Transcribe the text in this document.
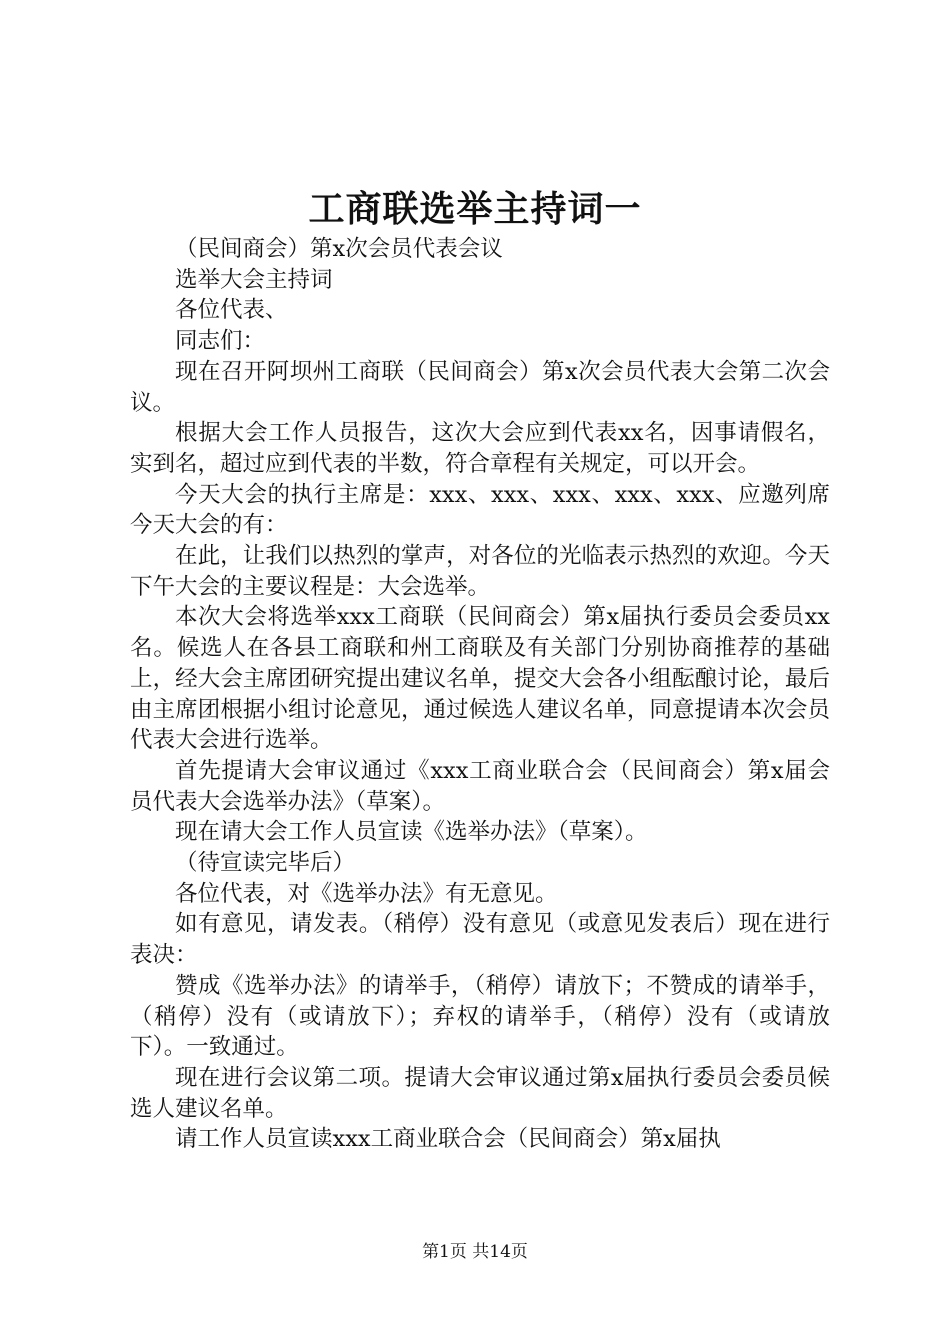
工商联选举主持词一

（民间商会）第x次会员代表会议

选举大会主持词

各位代表、

同志们：

现在召开阿坝州工商联（民间商会）第x次会员代表大会第二次会议。

根据大会工作人员报告，这次大会应到代表xx名，因事请假名，实到名，超过应到代表的半数，符合章程有关规定，可以开会。

今天大会的执行主席是：xxx、xxx、xxx、xxx、xxx、应邀列席今天大会的有：

在此，让我们以热烈的掌声，对各位的光临表示热烈的欢迎。今天下午大会的主要议程是：大会选举。

本次大会将选举xxx工商联（民间商会）第x届执行委员会委员xx名。候选人在各县工商联和州工商联及有关部门分别协商推荐的基础上，经大会主席团研究提出建议名单，提交大会各小组酝酿讨论，最后由主席团根据小组讨论意见，通过候选人建议名单，同意提请本次会员代表大会进行选举。

首先提请大会审议通过《xxx工商业联合会（民间商会）第x届会员代表大会选举办法》（草案）。

现在请大会工作人员宣读《选举办法》（草案）。

（待宣读完毕后）

各位代表，对《选举办法》有无意见。

如有意见，请发表。（稍停）没有意见（或意见发表后）现在进行表决：

赞成《选举办法》的请举手，（稍停）请放下；不赞成的请举手，（稍停）没有（或请放下）；弃权的请举手，（稍停）没有（或请放下）。一致通过。

现在进行会议第二项。提请大会审议通过第x届执行委员会委员候选人建议名单。

请工作人员宣读xxx工商业联合会（民间商会）第x届执

第1页 共14页
